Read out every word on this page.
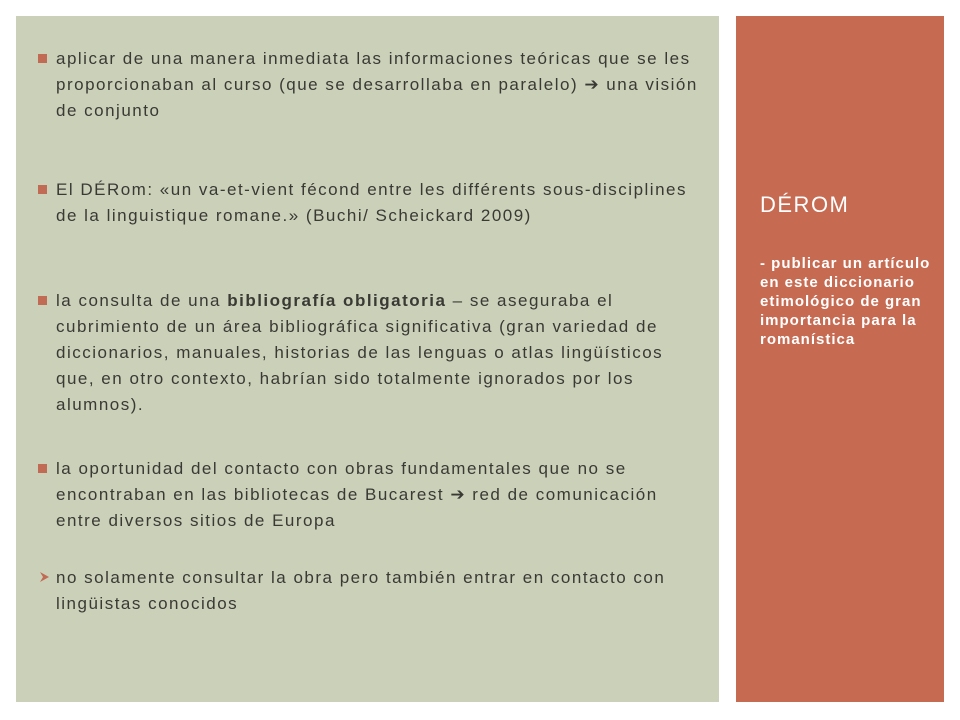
aplicar de una manera inmediata las informaciones teóricas que se les proporcionaban al curso (que se desarrollaba en paralelo) ➔ una visión de conjunto
El DÉRom: «un va-et-vient fécond entre les différents sous-disciplines de la linguistique romane.» (Buchi/ Scheickard 2009)
la consulta de una bibliografía obligatoria – se aseguraba el cubrimiento de un área bibliográfica significativa (gran variedad de diccionarios, manuales, historias de las lenguas o atlas lingüísticos que, en otro contexto, habrían sido totalmente ignorados por los alumnos).
la oportunidad del contacto con obras fundamentales que no se encontraban en las bibliotecas de Bucarest ➔ red de comunicación entre diversos sitios de Europa
no solamente consultar la obra pero también entrar en contacto con lingüistas conocidos
DÉROM
- publicar un artículo en este diccionario etimológico de gran importancia para la romanística
